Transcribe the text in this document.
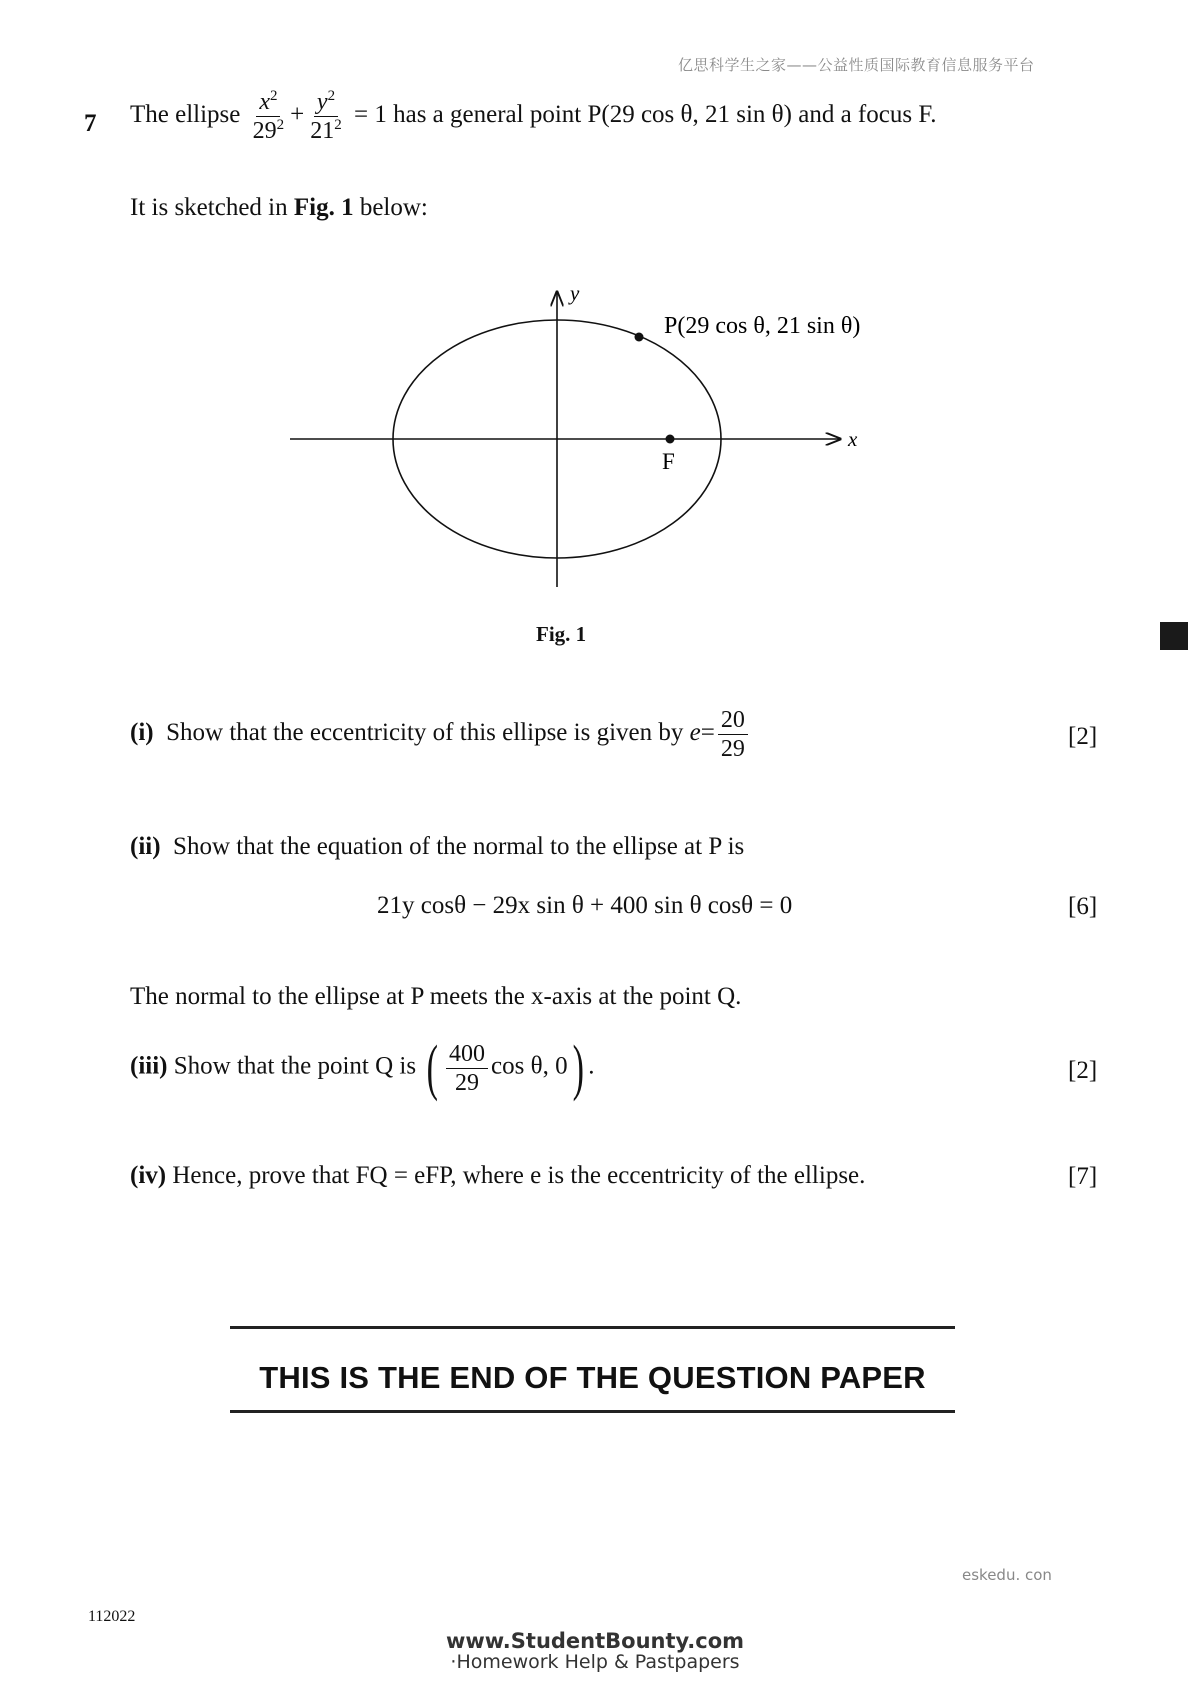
亿思科学生之家——公益性质国际教育信息服务平台
7 The ellipse $\frac{x^2}{29^2} + \frac{y^2}{21^2} = 1$ has a general point P(29 cos θ, 21 sin θ) and a focus F.
It is sketched in Fig. 1 below:
y
x
P(29 cos θ, 21 sin θ)
F
Fig. 1
(i) Show that the eccentricity of this ellipse is given by $e= \frac{20}{29}$	[2]
(ii) Show that the equation of the normal to the ellipse at P is
21y cosθ − 29x sin θ + 400 sin θ cosθ = 0	[6]
The normal to the ellipse at P meets the x-axis at the point Q.
(iii) Show that the point Q is ( $\frac{400}{29}$ cos θ, 0) .	[2]
(iv) Hence, prove that FQ = eFP, where e is the eccentricity of the ellipse.	[7]
THIS IS THE END OF THE QUESTION PAPER
eskedu. con
112022
www.StudentBounty.com
·Homework Help & Pastpapers
